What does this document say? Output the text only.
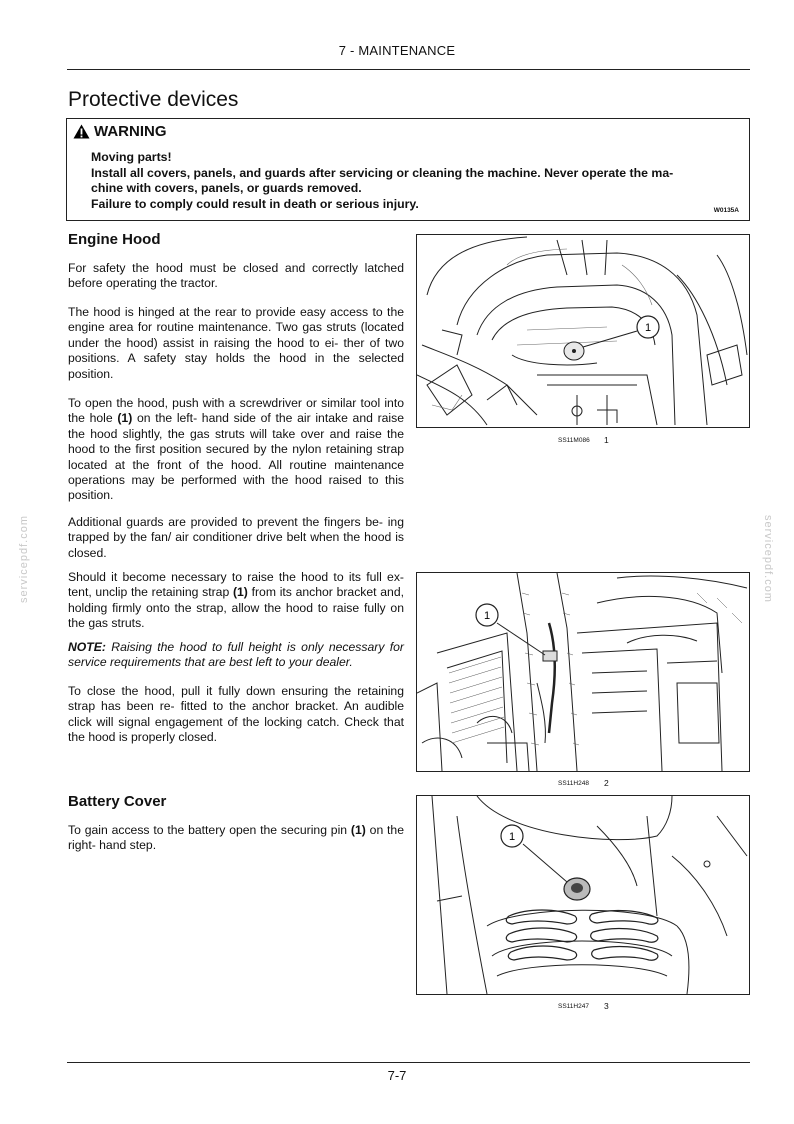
7 - MAINTENANCE
Protective devices
WARNING
Moving parts!
Install all covers, panels, and guards after servicing or cleaning the machine. Never operate the ma-
chine with covers, panels, or guards removed.
Failure to comply could result in death or serious injury.	W0135A
Engine Hood

For safety the hood must be closed and correctly latched before operating the tractor.

The hood is hinged at the rear to provide easy access to the engine area for routine maintenance. Two gas struts (located under the hood) assist in raising the hood to ei- ther of two positions. A safety stay holds the hood in the selected position.

To open the hood, push with a screwdriver or similar tool into the hole (1) on the left- hand side of the air intake and raise the hood slightly, the gas struts will take over and raise the hood to the first position secured by the nylon retaining strap located at the front of the hood. All routine maintenance operations may be performed with the hood raised to this position.

Additional guards are provided to prevent the fingers be- ing trapped by the fan/ air conditioner drive belt when the hood is closed.

Should it become necessary to raise the hood to its full ex- tent, unclip the retaining strap (1) from its anchor bracket and, holding firmly onto the strap, allow the hood to raise fully on the gas struts.

NOTE: Raising the hood to full height is only necessary for service requirements that are best left to your dealer.

To close the hood, pull it fully down ensuring the retaining strap has been re- fitted to the anchor bracket. An audible click will signal engagement of the locking catch. Check that the hood is properly closed.

Battery Cover

To gain access to the battery open the securing pin (1) on the right- hand step.

1
SS11M086 1
1
SS11H248 2
1
SS11H247 3
servicepdf.com	servicepdf.com
7-7
